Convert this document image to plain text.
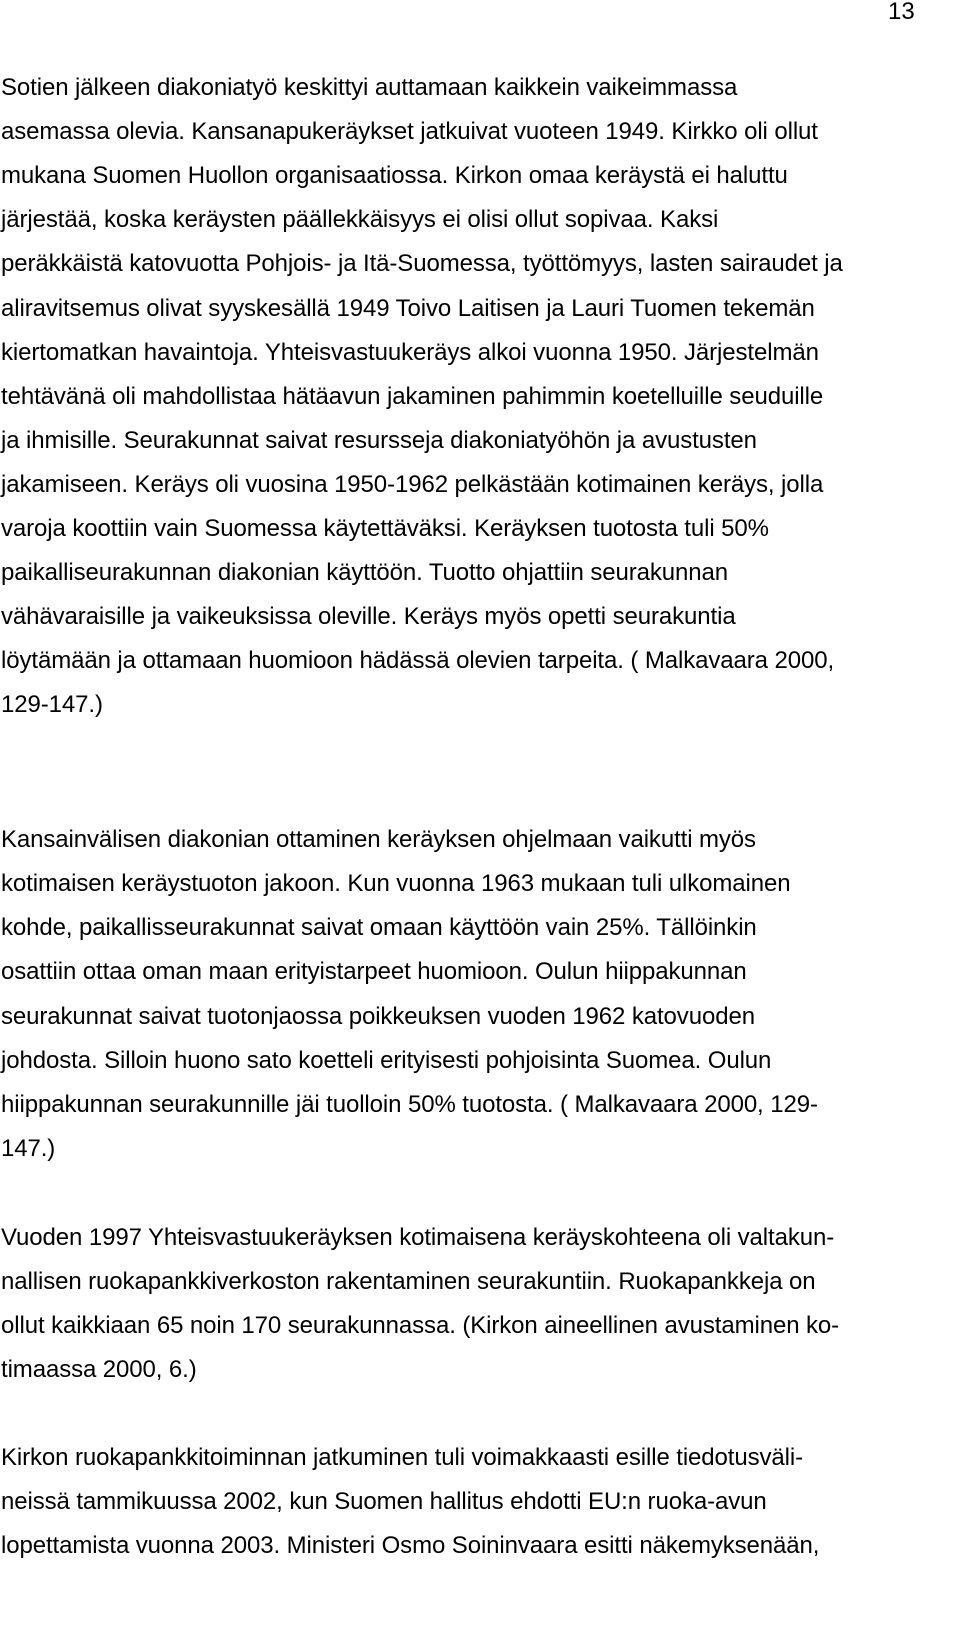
13
Sotien jälkeen diakoniatyö keskittyi auttamaan kaikkein vaikeimmassa
asemassa olevia. Kansanapukeräykset jatkuivat vuoteen 1949. Kirkko oli ollut
mukana Suomen Huollon organisaatiossa. Kirkon omaa keräystä ei haluttu
järjestää, koska keräysten päällekkäisyys ei olisi ollut sopivaa. Kaksi
peräkkäistä katovuotta Pohjois- ja Itä-Suomessa, työttömyys, lasten sairaudet ja
aliravitsemus olivat syyskesällä 1949 Toivo Laitisen ja Lauri Tuomen tekemän
kiertomatkan havaintoja. Yhteisvastuukeräys alkoi vuonna 1950. Järjestelmän
tehtävänä oli mahdollistaa hätäavun jakaminen pahimmin koetelluille seuduille
ja ihmisille. Seurakunnat saivat resursseja diakoniatyöhön ja avustusten
jakamiseen. Keräys oli vuosina 1950-1962 pelkästään kotimainen keräys, jolla
varoja koottiin vain Suomessa käytettäväksi. Keräyksen tuotosta tuli 50%
paikalliseurakunnan diakonian käyttöön. Tuotto ohjattiin seurakunnan
vähävaraisille ja vaikeuksissa oleville. Keräys myös opetti seurakuntia
löytämään ja ottamaan huomioon hädässä olevien tarpeita. ( Malkavaara 2000,
129-147.)
Kansainvälisen diakonian ottaminen keräyksen ohjelmaan vaikutti myös
kotimaisen keräystuoton jakoon. Kun vuonna 1963 mukaan tuli ulkomainen
kohde, paikallisseurakunnat saivat omaan käyttöön vain 25%. Tällöinkin
osattiin ottaa oman maan erityistarpeet huomioon. Oulun hiippakunnan
seurakunnat saivat tuotonjaossa poikkeuksen vuoden 1962 katovuoden
johdosta. Silloin huono sato koetteli erityisesti pohjoisinta Suomea. Oulun
hiippakunnan seurakunnille jäi tuolloin 50% tuotosta. ( Malkavaara 2000, 129-
147.)
Vuoden 1997 Yhteisvastuukeräyksen kotimaisena keräyskohteena oli valtakun-
nallisen ruokapankkiverkoston rakentaminen seurakuntiin. Ruokapankkeja on
ollut kaikkiaan 65 noin 170 seurakunnassa. (Kirkon aineellinen avustaminen ko-
timaassa 2000, 6.)
Kirkon ruokapankkitoiminnan jatkuminen tuli voimakkaasti esille tiedotusväli-
neissä tammikuussa 2002, kun Suomen hallitus ehdotti EU:n ruoka-avun
lopettamista vuonna 2003. Ministeri Osmo Soininvaara esitti näkemyksenään,
